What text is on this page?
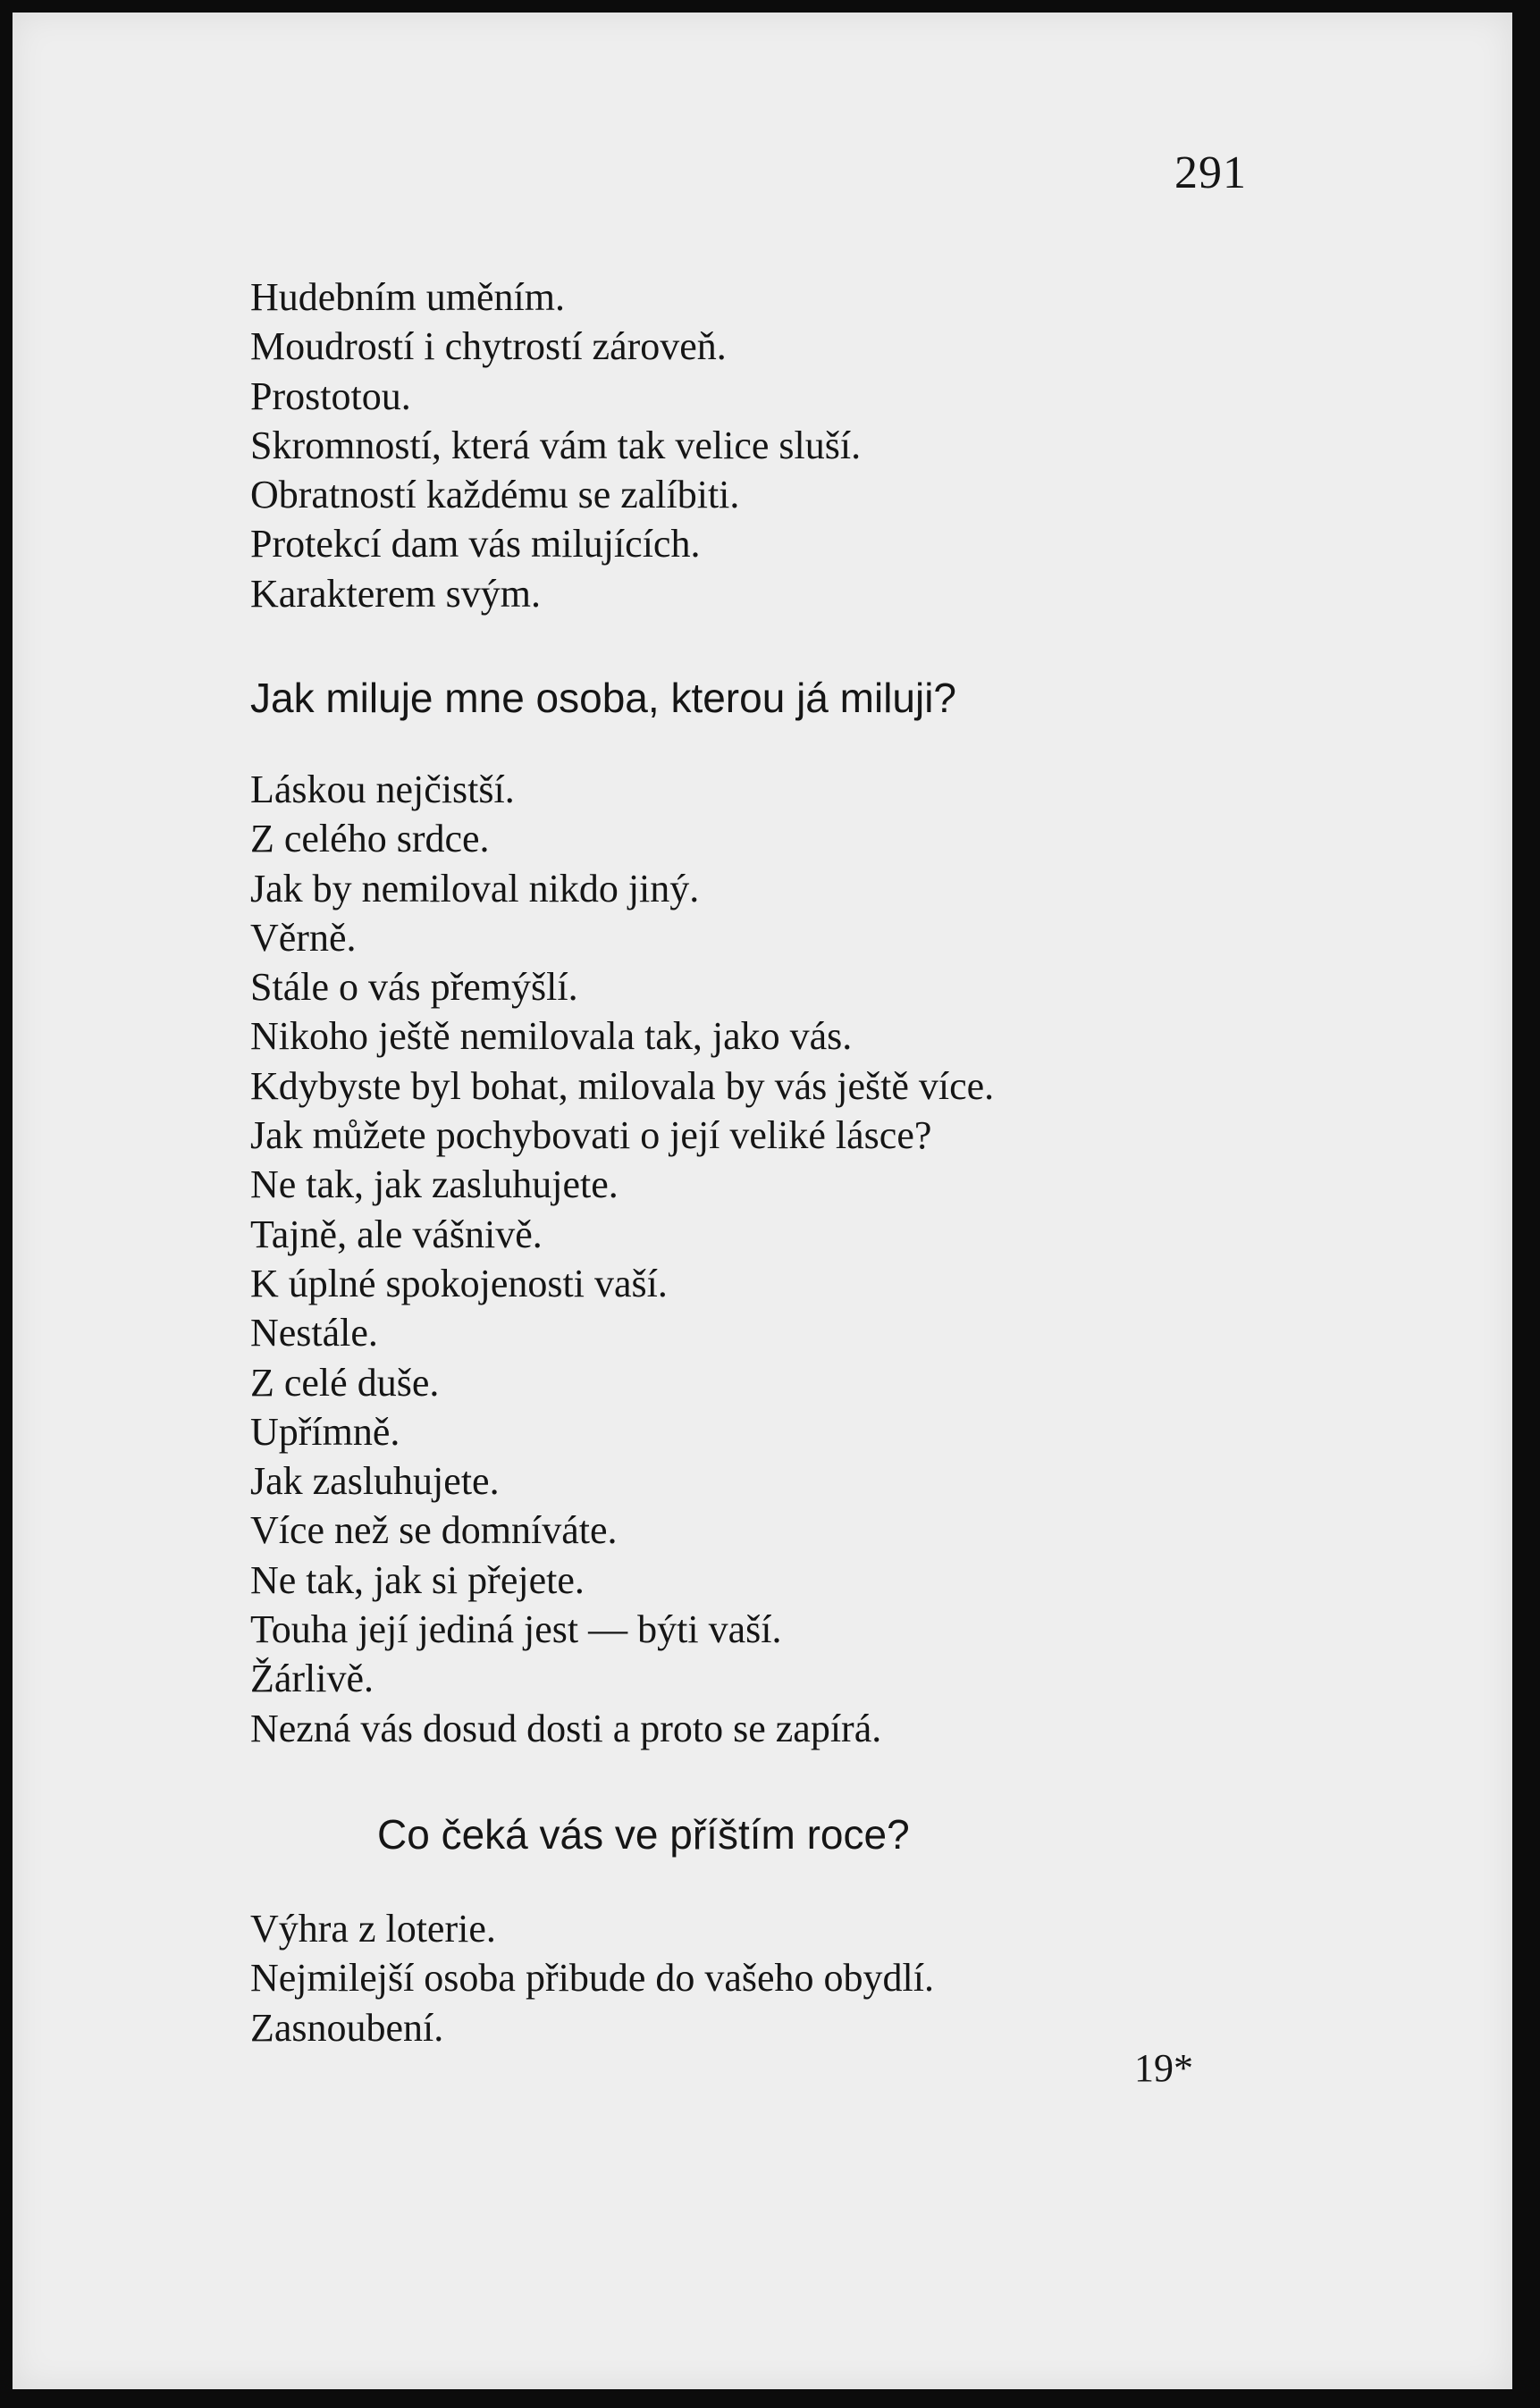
291
Hudebním uměním.
Moudrostí i chytrostí zároveň.
Prostotou.
Skromností, která vám tak velice sluší.
Obratností každému se zalíbiti.
Protekcí dam vás milujících.
Karakterem svým.
Jak miluje mne osoba, kterou já miluji?
Láskou nejčistší.
Z celého srdce.
Jak by nemiloval nikdo jiný.
Věrně.
Stále o vás přemýšlí.
Nikoho ještě nemilovala tak, jako vás.
Kdybyste byl bohat, milovala by vás ještě více.
Jak můžete pochybovati o její veliké lásce?
Ne tak, jak zasluhujete.
Tajně, ale vášnivě.
K úplné spokojenosti vaší.
Nestále.
Z celé duše.
Upřímně.
Jak zasluhujete.
Více než se domníváte.
Ne tak, jak si přejete.
Touha její jediná jest — býti vaší.
Žárlivě.
Nezná vás dosud dosti a proto se zapírá.
Co čeká vás ve příštím roce?
Výhra z loterie.
Nejmilejší osoba přibude do vašeho obydlí.
Zasnoubení.
19*
